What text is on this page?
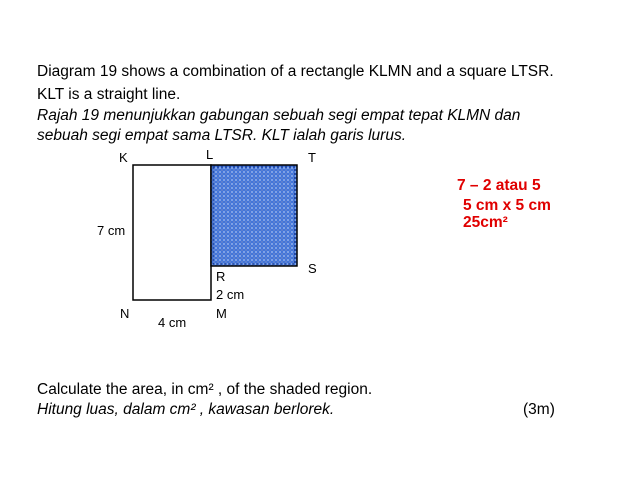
Diagram 19 shows a combination of a rectangle KLMN and a square LTSR.
KLT is a straight line.
Rajah 19 menunjukkan gabungan sebuah segi empat tepat KLMN dan
sebuah segi empat sama LTSR. KLT ialah garis lurus.
K	L	T
S
R
N	M
7 cm
4 cm
2 cm
7 – 2 atau 5
5 cm x 5 cm
25cm²
Calculate the area, in cm² , of the shaded region.
Hitung luas, dalam cm² , kawasan berlorek.	(3m)
